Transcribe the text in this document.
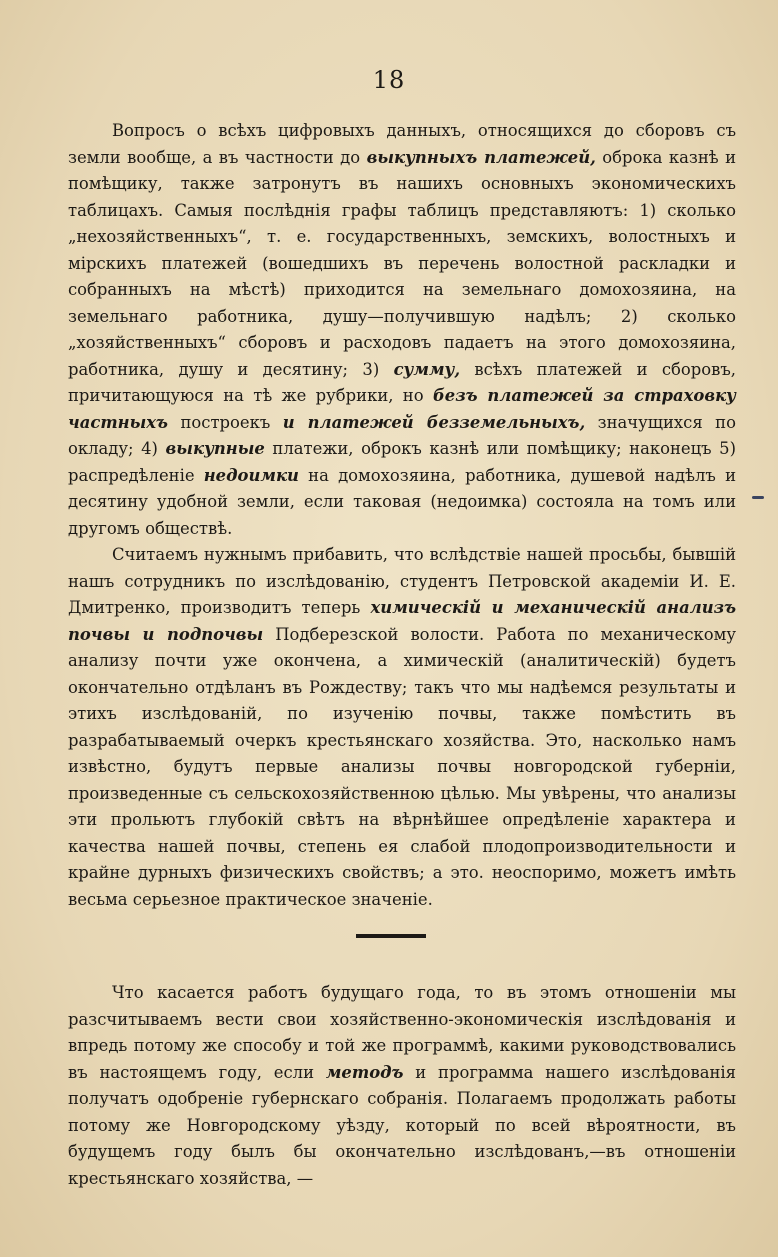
18

Вопросъ о всѣхъ цифровыхъ данныхъ, относящихся до сборовъ съ земли вообще, а въ частности до выкупныхъ платежей, оброка казнѣ и помѣщику, также затронутъ въ нашихъ основныхъ экономическихъ таблицахъ. Самыя послѣднія графы таблицъ представляютъ: 1) сколько „нехозяйственныхъ“, т. е. государственныхъ, земскихъ, волостныхъ и мірскихъ платежей (вошедшихъ въ перечень волостной раскладки и собранныхъ на мѣстѣ) приходится на земельнаго домохозяина, на земельнаго работника, душу—получившую надѣлъ; 2) сколько „хозяйственныхъ“ сборовъ и расходовъ падаетъ на этого домохозяина, работника, душу и десятину; 3) сумму, всѣхъ платежей и сборовъ, причитающуюся на тѣ же рубрики, но безъ платежей за страховку частныхъ построекъ и платежей безземельныхъ, значущихся по окладу; 4) выкупные платежи, оброкъ казнѣ или помѣщику; наконецъ 5) распредѣленіе недоимки на домохозяина, работника, душевой надѣлъ и десятину удобной земли, если таковая (недоимка) состояла на томъ или другомъ обществѣ.

Считаемъ нужнымъ прибавить, что вслѣдствіе нашей просьбы, бывшій нашъ сотрудникъ по изслѣдованію, студентъ Петровской академіи И. Е. Дмитренко, производитъ теперь химическій и механическій анализъ почвы и подпочвы Подберезской волости. Работа по механическому анализу почти уже окончена, а химическій (аналитическій) будетъ окончательно отдѣланъ въ Рождеству; такъ что мы надѣемся результаты и этихъ изслѣдованій, по изученію почвы, также помѣстить въ разрабатываемый очеркъ крестьянскаго хозяйства. Это, насколько намъ извѣстно, будутъ первые анализы почвы новгородской губерніи, произведенные съ сельскохозяйственною цѣлью. Мы увѣрены, что анализы эти прольютъ глубокій свѣтъ на вѣрнѣйшее опредѣленіе характера и качества нашей почвы, степень ея слабой плодопроизводительности и крайне дурныхъ физическихъ свойствъ; а это. неоспоримо, можетъ имѣть весьма серьезное практическое значеніе.

Что касается работъ будущаго года, то въ этомъ отношеніи мы разсчитываемъ вести свои хозяйственно-экономическія изслѣдованія и впредь потому же способу и той же программѣ, какими руководствовались въ настоящемъ году, если методъ и программа нашего изслѣдованія получатъ одобреніе губернскаго собранія. Полагаемъ продолжать работы потому же Новгородскому уѣзду, который по всей вѣроятности, въ будущемъ году былъ бы окончательно изслѣдованъ,—въ отношеніи крестьянскаго хозяйства, —
